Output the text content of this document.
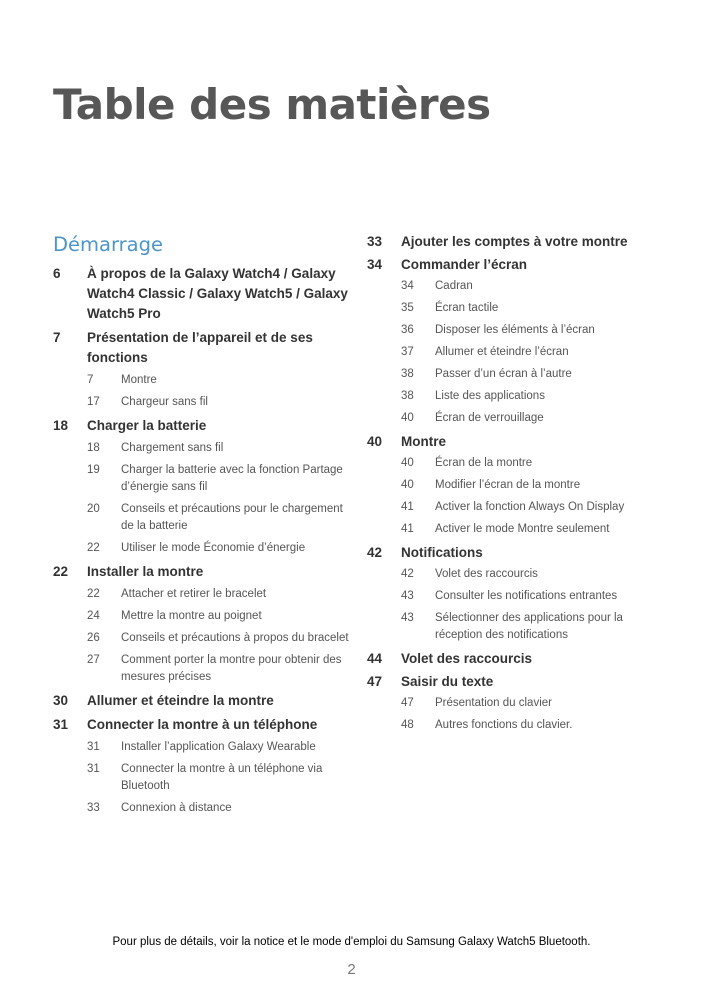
Table des matières
Démarrage
6	À propos de la Galaxy Watch4 / Galaxy Watch4 Classic / Galaxy Watch5 / Galaxy Watch5 Pro
7	Présentation de l’appareil et de ses fonctions
7	Montre
17	Chargeur sans fil
18	Charger la batterie
18	Chargement sans fil
19	Charger la batterie avec la fonction Partage d’énergie sans fil
20	Conseils et précautions pour le chargement de la batterie
22	Utiliser le mode Économie d’énergie
22	Installer la montre
22	Attacher et retirer le bracelet
24	Mettre la montre au poignet
26	Conseils et précautions à propos du bracelet
27	Comment porter la montre pour obtenir des mesures précises
30	Allumer et éteindre la montre
31	Connecter la montre à un téléphone
31	Installer l’application Galaxy Wearable
31	Connecter la montre à un téléphone via Bluetooth
33	Connexion à distance
33	Ajouter les comptes à votre montre
34	Commander l’écran
34	Cadran
35	Écran tactile
36	Disposer les éléments à l’écran
37	Allumer et éteindre l’écran
38	Passer d’un écran à l’autre
38	Liste des applications
40	Écran de verrouillage
40	Montre
40	Écran de la montre
40	Modifier l’écran de la montre
41	Activer la fonction Always On Display
41	Activer le mode Montre seulement
42	Notifications
42	Volet des raccourcis
43	Consulter les notifications entrantes
43	Sélectionner des applications pour la réception des notifications
44	Volet des raccourcis
47	Saisir du texte
47	Présentation du clavier
48	Autres fonctions du clavier.
Pour plus de détails, voir la notice et le mode d'emploi du Samsung Galaxy Watch5 Bluetooth.
2
